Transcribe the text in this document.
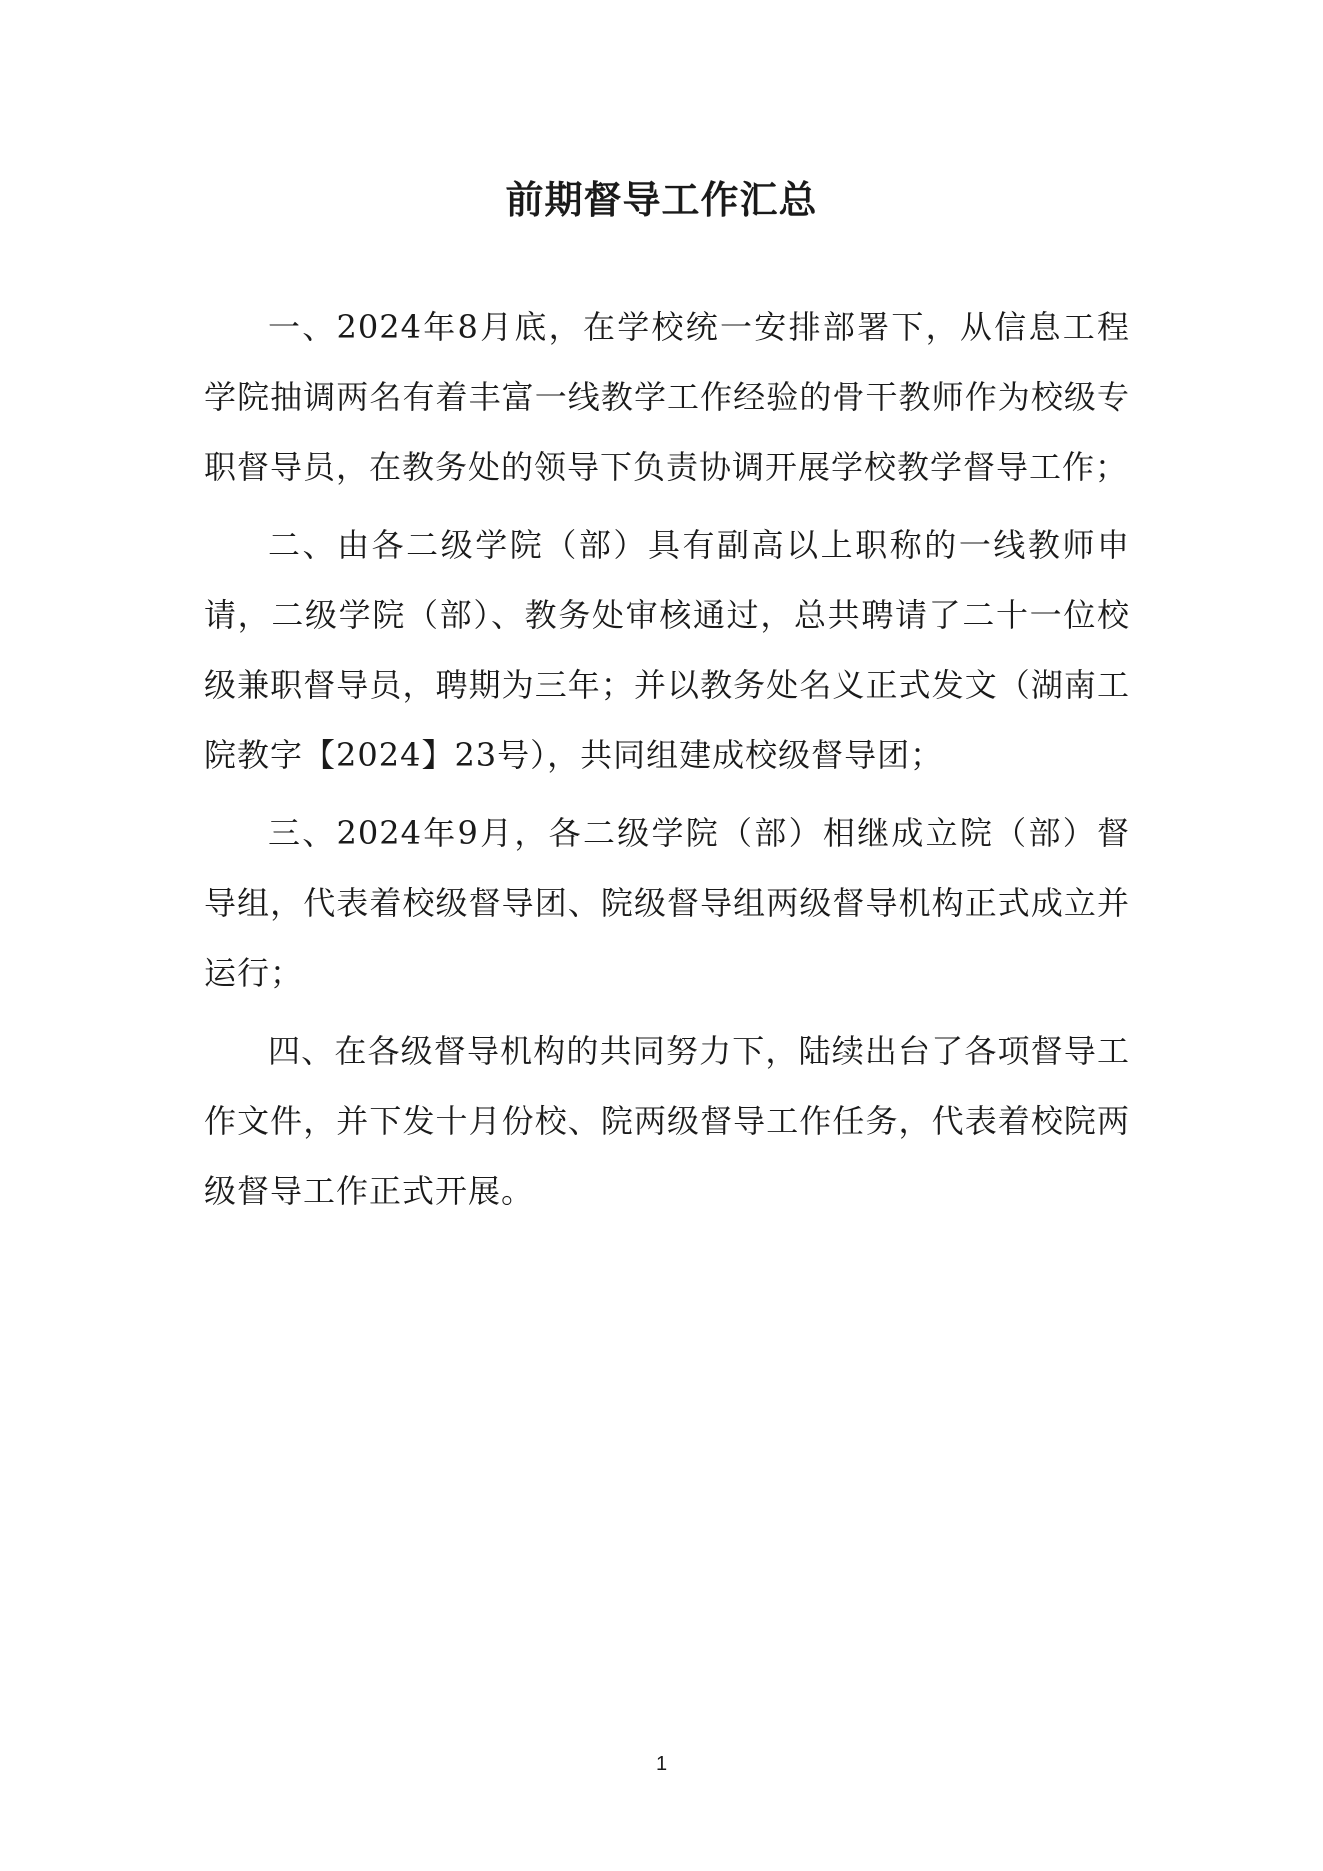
前期督导工作汇总

一、2024年8月底，在学校统一安排部署下，从信息工程学院抽调两名有着丰富一线教学工作经验的骨干教师作为校级专职督导员，在教务处的领导下负责协调开展学校教学督导工作；

二、由各二级学院（部）具有副高以上职称的一线教师申请，二级学院（部）、教务处审核通过，总共聘请了二十一位校级兼职督导员，聘期为三年；并以教务处名义正式发文（湖南工院教字【2024】23号），共同组建成校级督导团；

三、2024年9月，各二级学院（部）相继成立院（部）督导组，代表着校级督导团、院级督导组两级督导机构正式成立并运行；

四、在各级督导机构的共同努力下，陆续出台了各项督导工作文件，并下发十月份校、院两级督导工作任务，代表着校院两级督导工作正式开展。

1
